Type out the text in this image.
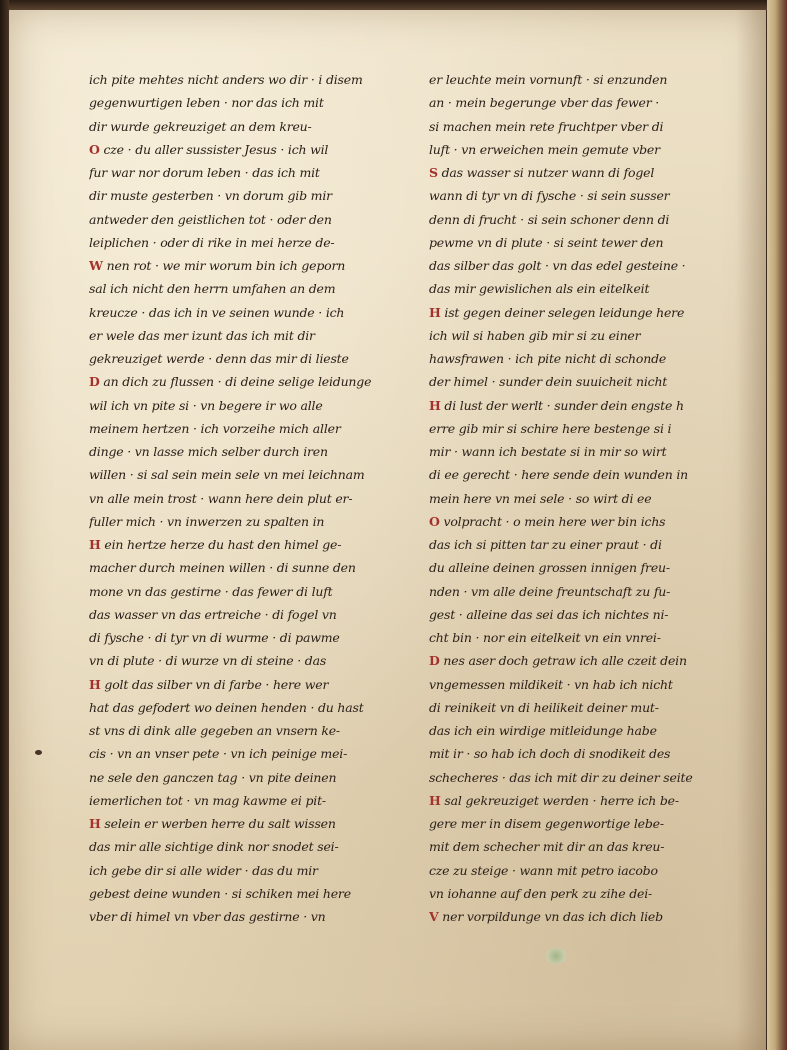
ich pite mehtes nicht anders wo dir · i disem
gegenwurtigen leben · nor das ich mit
dir wurde gekreuziget an dem kreu-
O cze · du aller sussister Jesus · ich wil
fur war nor dorum leben · das ich mit
dir muste gesterben · vn dorum gib mir
antweder den geistlichen tot · oder den
leiplichen · oder di rike in mei herze de-
W nen rot · we mir worum bin ich geporn
sal ich nicht den herrn umfahen an dem
kreucze · das ich in ve seinen wunde · ich
er wele das mer izunt das ich mit dir
gekreuziget werde · denn das mir di lieste
D an dich zu flussen · di deine selige leidunge
wil ich vn pite si · vn begere ir wo alle
meinem hertzen · ich vorzeihe mich aller
dinge · vn lasse mich selber durch iren
willen · si sal sein mein sele vn mei leichnam
vn alle mein trost · wann here dein plut er-
fuller mich · vn inwerzen zu spalten in
H ein hertze herze du hast den himel ge-
macher durch meinen willen · di sunne den
mone vn das gestirne · das fewer di luft
das wasser vn das ertreiche · di fogel vn
di fysche · di tyr vn di wurme · di pawme
vn di plute · di wurze vn di steine · das
H golt das silber vn di farbe · here wer
hat das gefodert wo deinen henden · du hast
st vns di dink alle gegeben an vnsern ke-
cis · vn an vnser pete · vn ich peinige mei-
ne sele den ganczen tag · vn pite deinen
iemerlichen tot · vn mag kawme ei pit-
H selein er werben herre du salt wissen
das mir alle sichtige dink nor snodet sei-
ich gebe dir si alle wider · das du mir
gebest deine wunden · si schiken mei here
vber di himel vn vber das gestirne · vn
er leuchte mein vornunft · si enzunden
an · mein begerunge vber das fewer ·
si machen mein rete fruchtper vber di
luft · vn erweichen mein gemute vber
S das wasser si nutzer wann di fogel
wann di tyr vn di fysche · si sein susser
denn di frucht · si sein schoner denn di
pewme vn di plute · si seint tewer den
das silber das golt · vn das edel gesteine ·
das mir gewislichen als ein eitelkeit
H ist gegen deiner selegen leidunge here
ich wil si haben gib mir si zu einer
hawsfrawen · ich pite nicht di schonde
der himel · sunder dein suuicheit nicht
H di lust der werlt · sunder dein engste h
erre gib mir si schire here bestenge si i
mir · wann ich bestate si in mir so wirt
di ee gerecht · here sende dein wunden in
mein here vn mei sele · so wirt di ee
O volpracht · o mein here wer bin ichs
das ich si pitten tar zu einer praut · di
du alleine deinen grossen innigen freu-
nden · vm alle deine freuntschaft zu fu-
gest · alleine das sei das ich nichtes ni-
cht bin · nor ein eitelkeit vn ein vnrei-
D nes aser doch getraw ich alle czeit dein
vngemessen mildikeit · vn hab ich nicht
di reinikeit vn di heilikeit deiner mut-
das ich ein wirdige mitleidunge habe
mit ir · so hab ich doch di snodikeit des
schecheres · das ich mit dir zu deiner seite
H sal gekreuziget werden · herre ich be-
gere mer in disem gegenwortige lebe-
mit dem schecher mit dir an das kreu-
cze zu steige · wann mit petro iacobo
vn iohanne auf den perk zu zihe dei-
V ner vorpildunge vn das ich dich lieb
